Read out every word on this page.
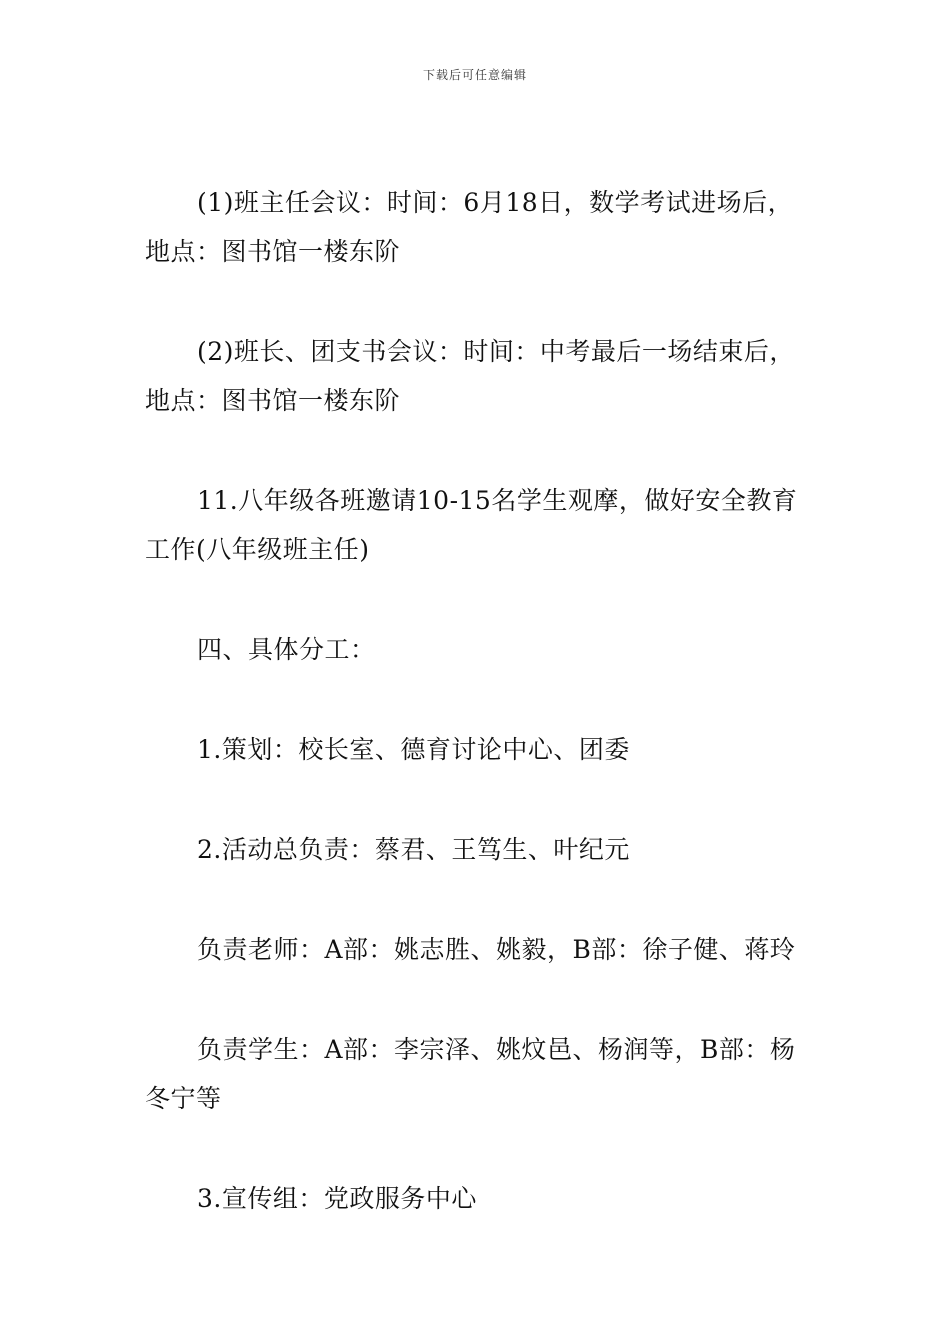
下载后可任意编辑

(1)班主任会议：时间：6月18日，数学考试进场后，地点：图书馆一楼东阶

(2)班长、团支书会议：时间：中考最后一场结束后，地点：图书馆一楼东阶

11.八年级各班邀请10-15名学生观摩，做好安全教育工作(八年级班主任)

四、具体分工：

1.策划：校长室、德育讨论中心、团委

2.活动总负责：蔡君、王笃生、叶纪元

负责老师：A部：姚志胜、姚毅，B部：徐子健、蒋玲

负责学生：A部：李宗泽、姚炆邑、杨润等，B部：杨冬宁等

3.宣传组：党政服务中心
